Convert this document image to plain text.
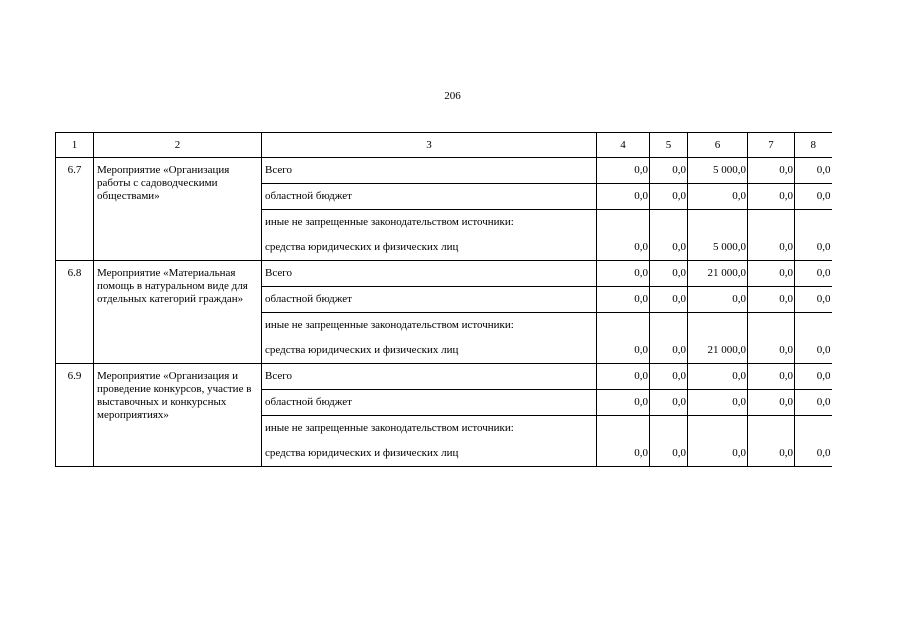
206
1	2	3	4	5	6	7	8
6.7	Мероприятие «Организация работы с садоводческими обществами»	Всего	0,0	0,0	5 000,0	0,0	0,0
		областной бюджет	0,0	0,0	0,0	0,0	0,0
		иные не запрещенные законодательством источники:					
		средства юридических и физических лиц	0,0	0,0	5 000,0	0,0	0,0
6.8	Мероприятие «Материальная помощь в натуральном виде для отдельных категорий граждан»	Всего	0,0	0,0	21 000,0	0,0	0,0
		областной бюджет	0,0	0,0	0,0	0,0	0,0
		иные не запрещенные законодательством источники:					
		средства юридических и физических лиц	0,0	0,0	21 000,0	0,0	0,0
6.9	Мероприятие «Организация и проведение конкурсов, участие в выставочных и конкурсных мероприятиях»	Всего	0,0	0,0	0,0	0,0	0,0
		областной бюджет	0,0	0,0	0,0	0,0	0,0
		иные не запрещенные законодательством источники:					
		средства юридических и физических лиц	0,0	0,0	0,0	0,0	0,0
